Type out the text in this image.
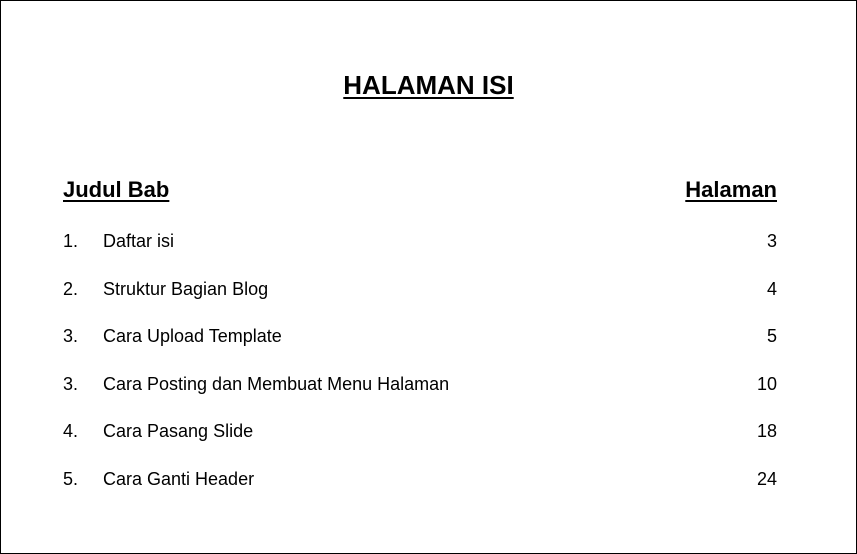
HALAMAN ISI
Judul Bab	Halaman
1. Daftar isi	3
2. Struktur Bagian Blog	4
3. Cara Upload Template	5
3. Cara Posting dan Membuat Menu Halaman	10
4. Cara Pasang Slide	18
5. Cara Ganti Header	24
